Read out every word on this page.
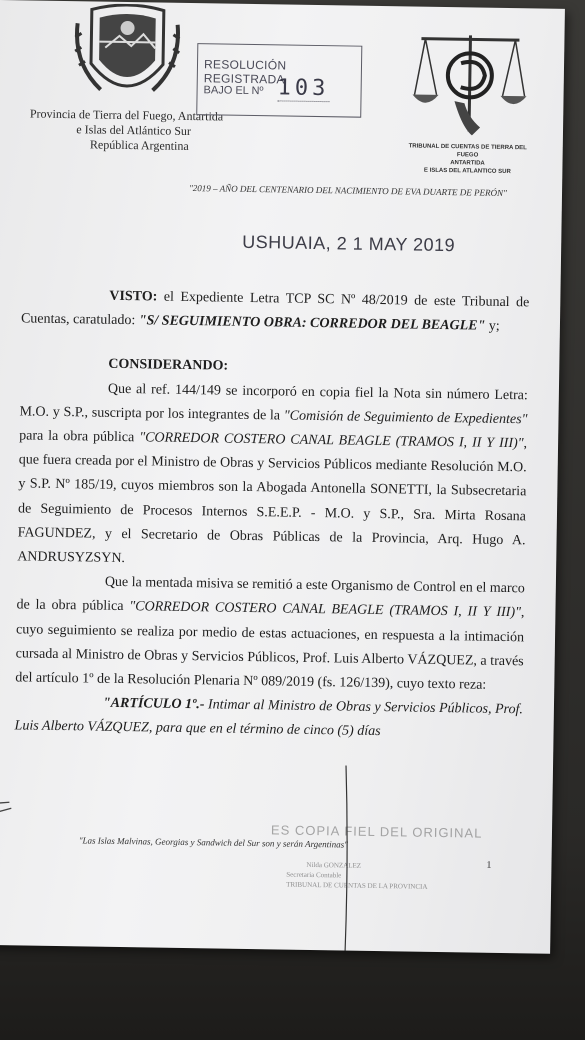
Provincia de Tierra del Fuego, Antartida
e Islas del Atlántico Sur
República Argentina
RESOLUCIÓN REGISTRADA
BAJO EL Nº 103
TRIBUNAL DE CUENTAS DE TIERRA DEL FUEGO
ANTARTIDA
E ISLAS DEL ATLANTICO SUR
"2019 – AÑO DEL CENTENARIO DEL NACIMIENTO DE EVA DUARTE DE PERÓN"
USHUAIA, 2 1 MAY 2019

VISTO: el Expediente Letra TCP SC Nº 48/2019 de este Tribunal de Cuentas, caratulado: "S/ SEGUIMIENTO OBRA: CORREDOR DEL BEAGLE" y;

CONSIDERANDO:

Que al ref. 144/149 se incorporó en copia fiel la Nota sin número Letra: M.O. y S.P., suscripta por los integrantes de la "Comisión de Seguimiento de Expedientes" para la obra pública "CORREDOR COSTERO CANAL BEAGLE (TRAMOS I, II Y III)", que fuera creada por el Ministro de Obras y Servicios Públicos mediante Resolución M.O. y S.P. Nº 185/19, cuyos miembros son la Abogada Antonella SONETTI, la Subsecretaria de Seguimiento de Procesos Internos S.E.E.P. - M.O. y S.P., Sra. Mirta Rosana FAGUNDEZ, y el Secretario de Obras Públicas de la Provincia, Arq. Hugo A. ANDRUSYZSYN.

Que la mentada misiva se remitió a este Organismo de Control en el marco de la obra pública "CORREDOR COSTERO CANAL BEAGLE (TRAMOS I, II Y III)", cuyo seguimiento se realiza por medio de estas actuaciones, en respuesta a la intimación cursada al Ministro de Obras y Servicios Públicos, Prof. Luis Alberto VÁZQUEZ, a través del artículo 1º de la Resolución Plenaria Nº 089/2019 (fs. 126/139), cuyo texto reza:

"ARTÍCULO 1º.- Intimar al Ministro de Obras y Servicios Públicos, Prof. Luis Alberto VÁZQUEZ, para que en el término de cinco (5) días

ES COPIA FIEL DEL ORIGINAL
"Las Islas Malvinas, Georgias y Sandwich del Sur son y serán Argentinas"
1
Nilda GONZALEZ
Secretaria Contable
TRIBUNAL DE CUENTAS DE LA PROVINCIA
